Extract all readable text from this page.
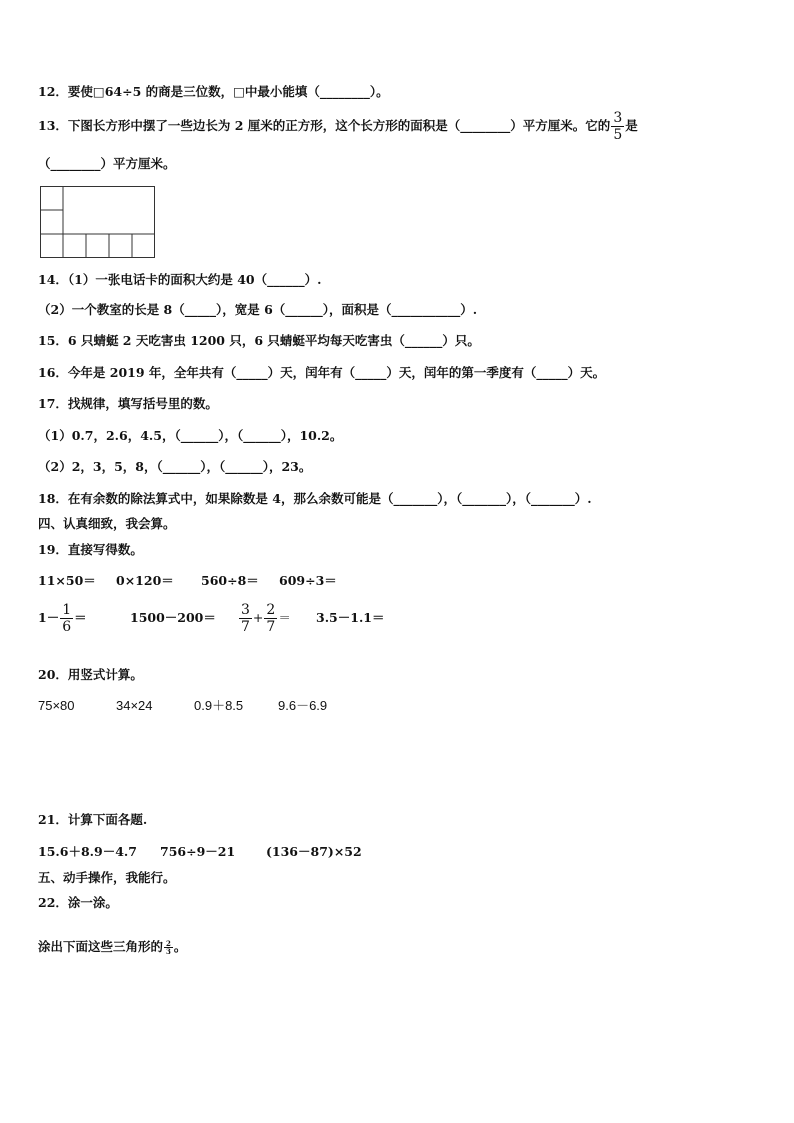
12．要使□64÷5 的商是三位数，□中最小能填（________）。
13．下图长方形中摆了一些边长为 2 厘米的正方形，这个长方形的面积是（________）平方厘米。它的 $\frac{3}{5}$ 是
（________）平方厘米。
14．（1）一张电话卡的面积大约是 40（______）.
（2）一个教室的长是 8（_____），宽是 6（______），面积是（___________）.
15．6 只蜻蜓 2 天吃害虫 1200 只，6 只蜻蜓平均每天吃害虫（______）只。
16．今年是 2019 年，全年共有（_____）天，闰年有（_____）天，闰年的第一季度有（_____）天。
17．找规律，填写括号里的数。
（1）0.7，2.6，4.5，（______），（______），10.2。
（2）2，3，5，8，（______），（______），23。
18．在有余数的除法算式中，如果除数是 4，那么余数可能是（_______），（_______），（_______）.
四、认真细致，我会算。
19．直接写得数。
11×50＝ 0×120＝ 560÷8＝ 609÷3＝
$1- \frac{1}{6}$ ＝	$1500-200= \frac{3}{7} + \frac{2}{7} = 3.5-1.1=$
20．用竖式计算。
75×80	34×24	0.9＋8.5	9.6－6.9
21．计算下面各题.
15.6＋8.9－4.7 756÷9－21 (136－87)×52
五、动手操作，我能行。
22．涂一涂。
涂出下面这些三角形的 $\frac{2}{3}$ 。
